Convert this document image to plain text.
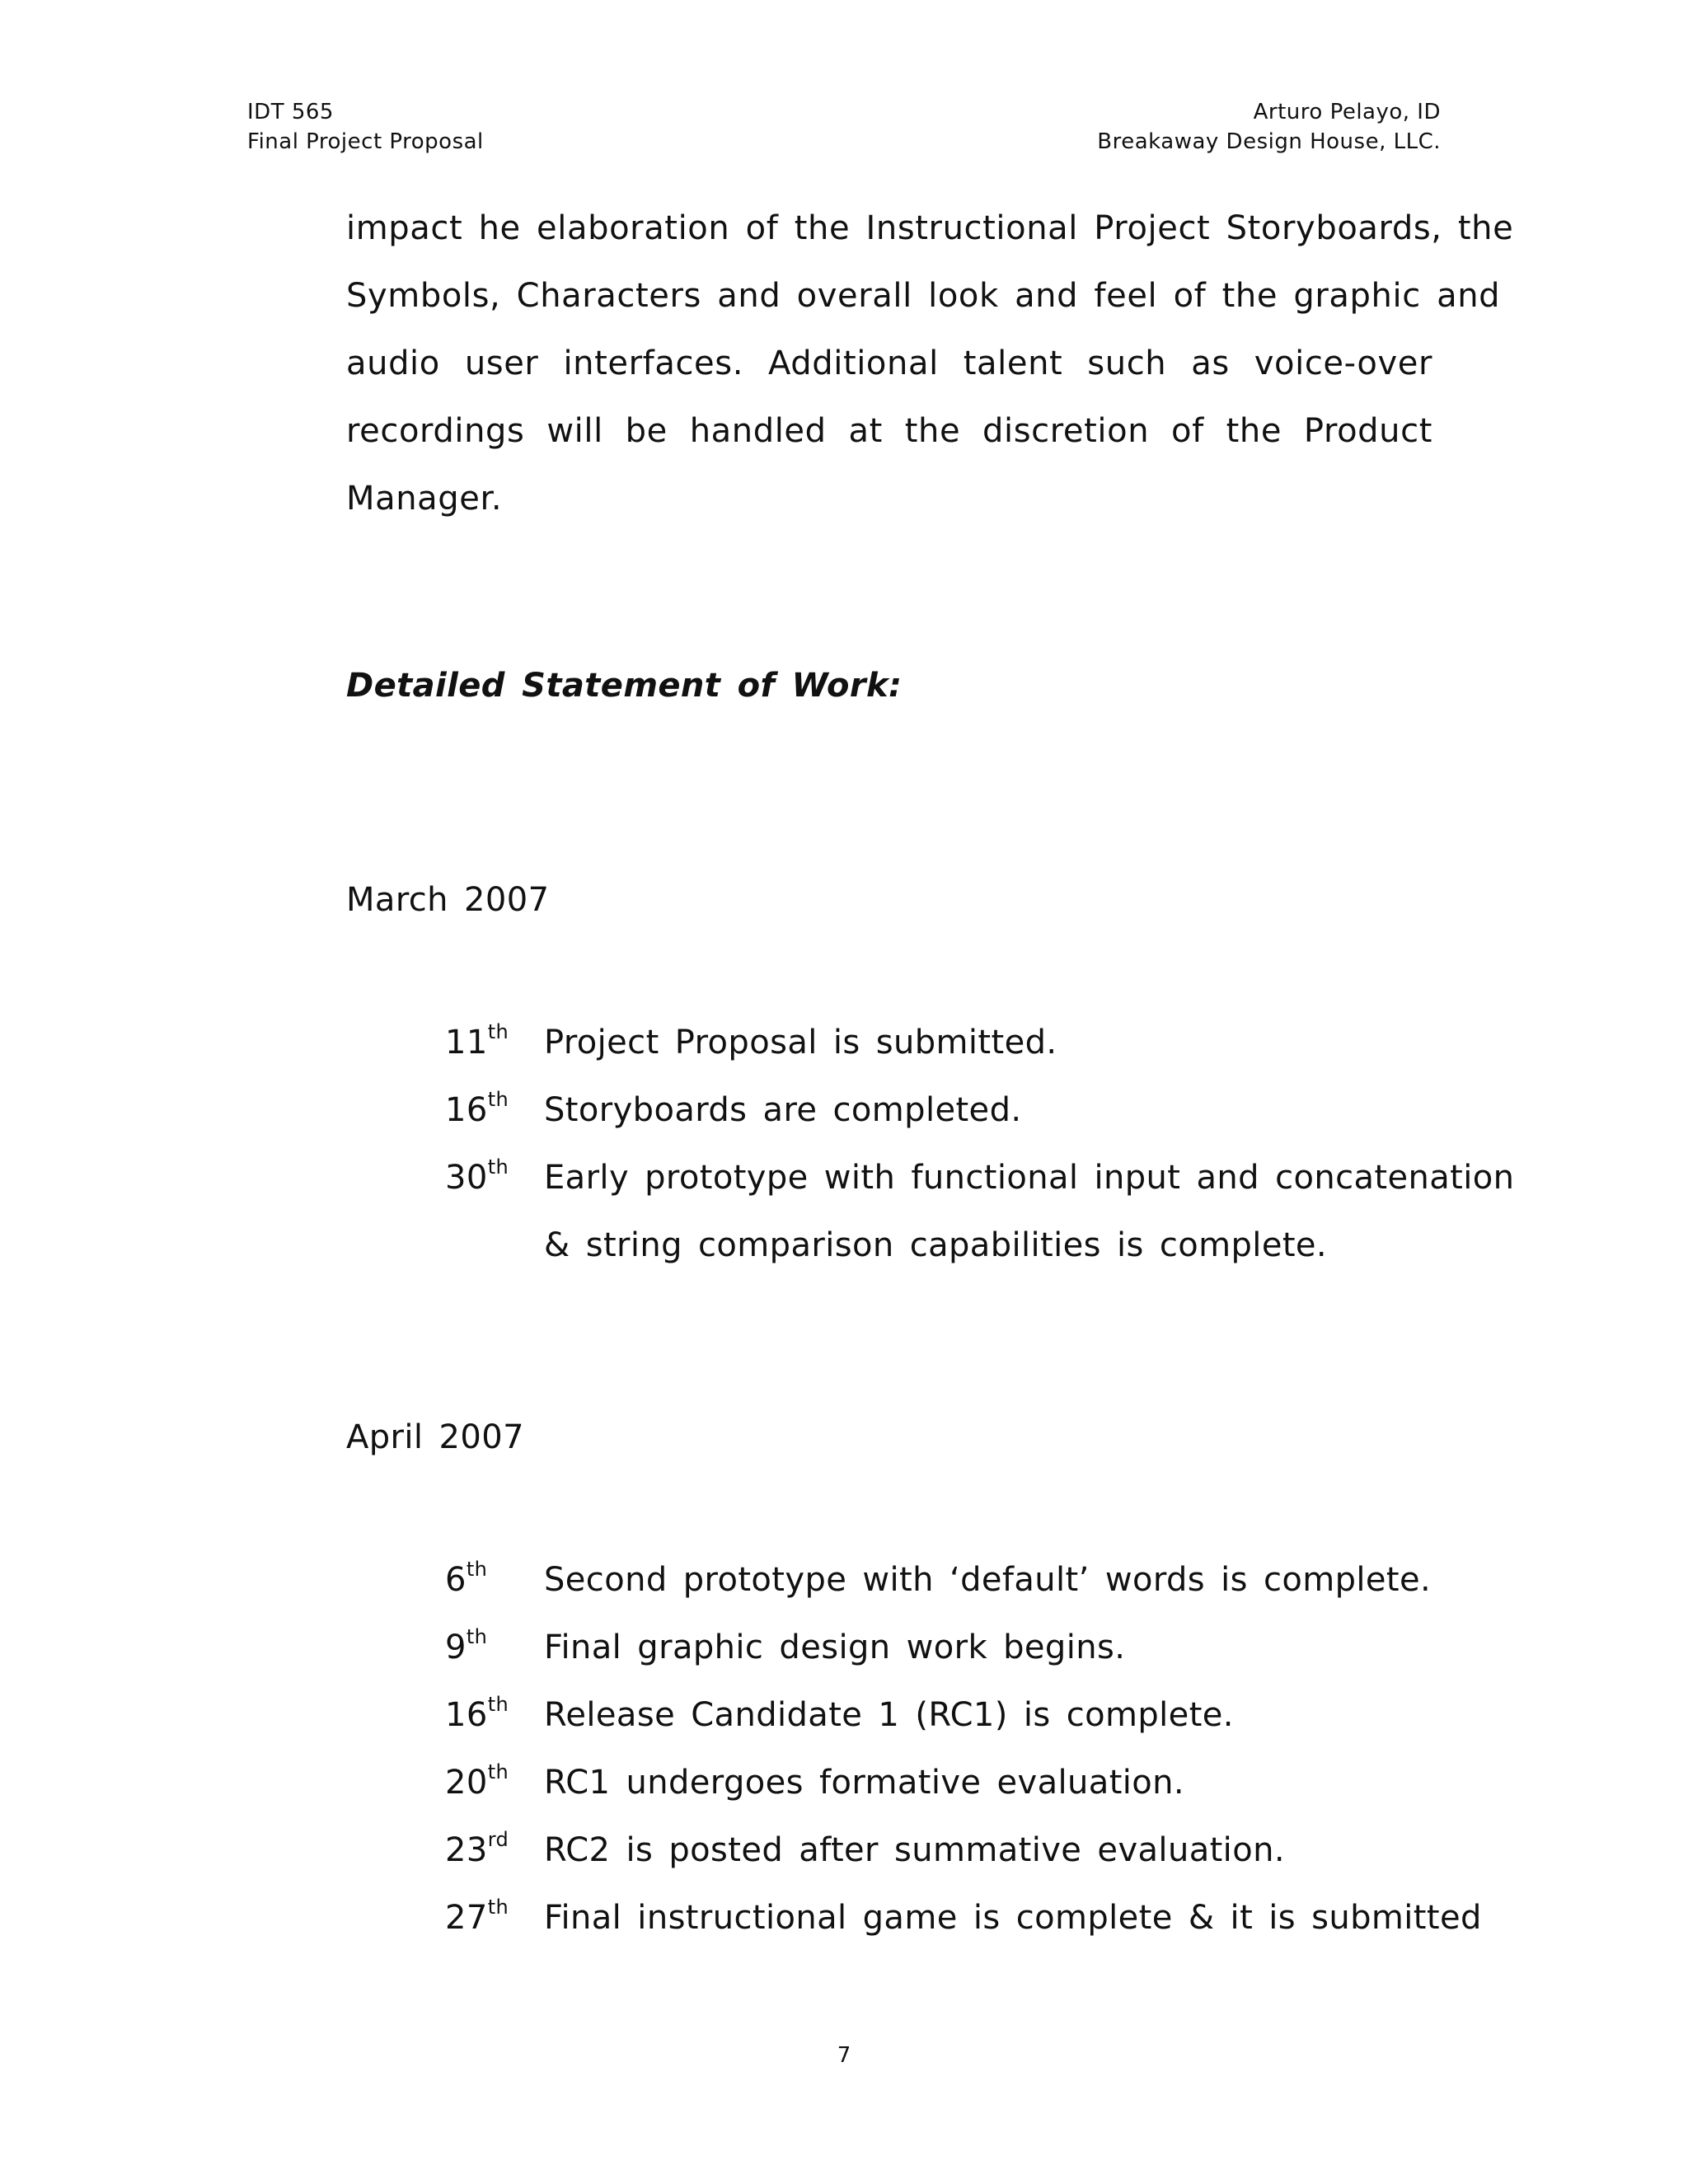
IDT 565
Final Project Proposal
Arturo Pelayo, ID
Breakaway Design House, LLC.
impact he elaboration of the Instructional Project Storyboards, the
Symbols, Characters and overall look and feel of the graphic and
audio user interfaces. Additional talent such as voice-over
recordings will be handled at the discretion of the Product
Manager.
Detailed Statement of Work:
March 2007
11th	Project Proposal is submitted.
16th	Storyboards are completed.
30th	Early prototype with functional input and concatenation
& string comparison capabilities is complete.
April 2007
6th	Second prototype with ‘default’ words is complete.
9th	Final graphic design work begins.
16th	Release Candidate 1 (RC1) is complete.
20th	RC1 undergoes formative evaluation.
23rd	RC2 is posted after summative evaluation.
27th	Final instructional game is complete & it is submitted
7
